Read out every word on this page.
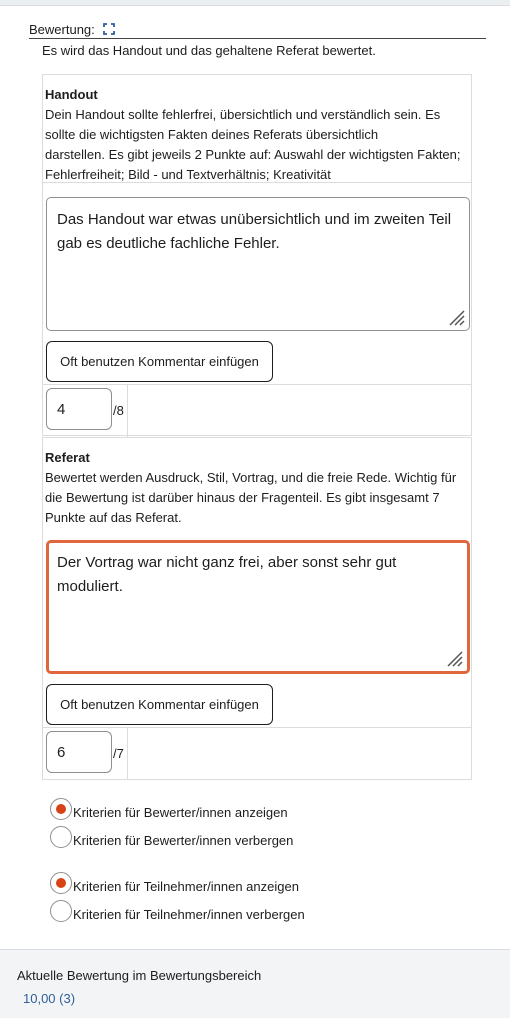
Bewertung:
Es wird das Handout und das gehaltene Referat bewertet.
Handout
Dein Handout sollte fehlerfrei, übersichtlich und verständlich sein. Es
sollte die wichtigsten Fakten deines Referats übersichtlich
darstellen. Es gibt jeweils 2 Punkte auf: Auswahl der wichtigsten Fakten;
Fehlerfreiheit; Bild - und Textverhältnis; Kreativität
Das Handout war etwas unübersichtlich und im zweiten Teil gab es deutliche fachliche Fehler.
Oft benutzen Kommentar einfügen
4
/8
Referat
Bewertet werden Ausdruck, Stil, Vortrag, und die freie Rede. Wichtig für
die Bewertung ist darüber hinaus der Fragenteil. Es gibt insgesamt 7
Punkte auf das Referat.
Der Vortrag war nicht ganz frei, aber sonst sehr gut moduliert.
Oft benutzen Kommentar einfügen
6
/7
Kriterien für Bewerter/innen anzeigen
Kriterien für Bewerter/innen verbergen
Kriterien für Teilnehmer/innen anzeigen
Kriterien für Teilnehmer/innen verbergen
Aktuelle Bewertung im Bewertungsbereich
10,00 (3)
